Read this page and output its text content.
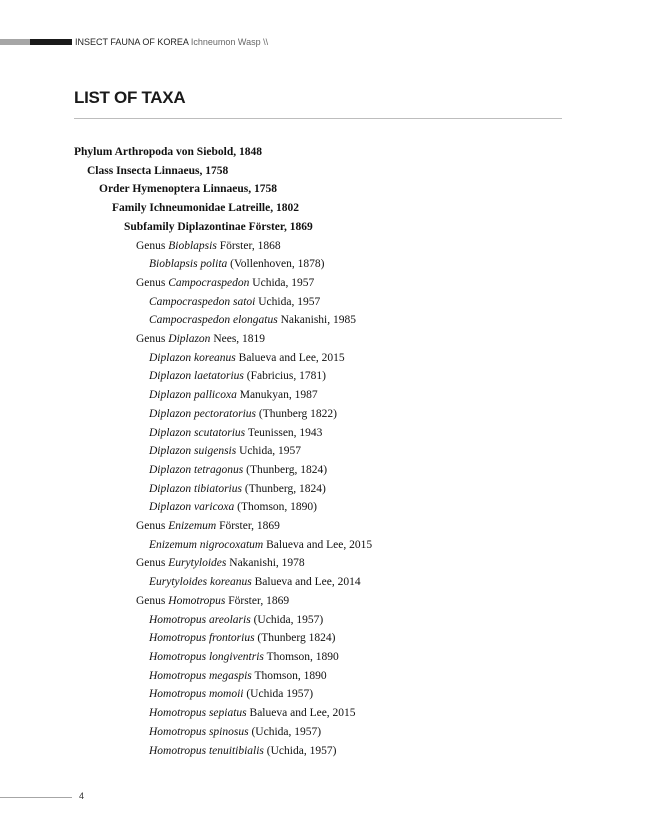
INSECT FAUNA OF KOREA Ichneumon Wasp \\
LIST OF TAXA
Phylum Arthropoda von Siebold, 1848
Class Insecta Linnaeus, 1758
Order Hymenoptera Linnaeus, 1758
Family Ichneumonidae Latreille, 1802
Subfamily Diplazontinae Förster, 1869
Genus Bioblapsis Förster, 1868
Bioblapsis polita (Vollenhoven, 1878)
Genus Campocraspedon Uchida, 1957
Campocraspedon satoi Uchida, 1957
Campocraspedon elongatus Nakanishi, 1985
Genus Diplazon Nees, 1819
Diplazon koreanus Balueva and Lee, 2015
Diplazon laetatorius (Fabricius, 1781)
Diplazon pallicoxa Manukyan, 1987
Diplazon pectoratorius (Thunberg 1822)
Diplazon scutatorius Teunissen, 1943
Diplazon suigensis Uchida, 1957
Diplazon tetragonus (Thunberg, 1824)
Diplazon tibiatorius (Thunberg, 1824)
Diplazon varicoxa (Thomson, 1890)
Genus Enizemum Förster, 1869
Enizemum nigrocoxatum Balueva and Lee, 2015
Genus Eurytyloides Nakanishi, 1978
Eurytyloides koreanus Balueva and Lee, 2014
Genus Homotropus Förster, 1869
Homotropus areolaris (Uchida, 1957)
Homotropus frontorius (Thunberg 1824)
Homotropus longiventris Thomson, 1890
Homotropus megaspis Thomson, 1890
Homotropus momoii (Uchida 1957)
Homotropus sepiatus Balueva and Lee, 2015
Homotropus spinosus (Uchida, 1957)
Homotropus tenuitibialis (Uchida, 1957)
4
